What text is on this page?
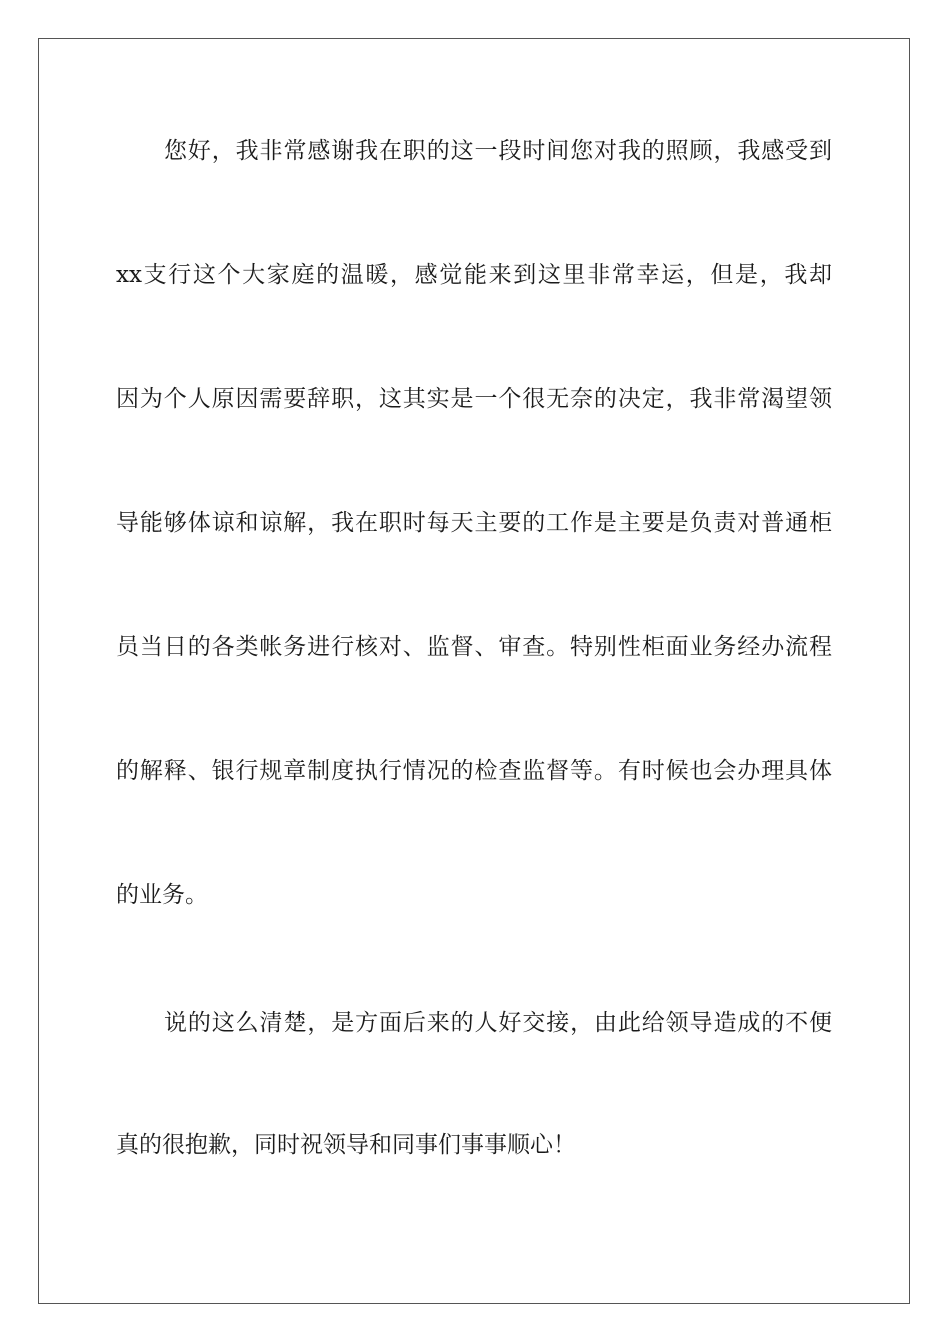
您好，我非常感谢我在职的这一段时间您对我的照顾，我感受到
xx支行这个大家庭的温暖，感觉能来到这里非常幸运，但是，我却
因为个人原因需要辞职，这其实是一个很无奈的决定，我非常渴望领
导能够体谅和谅解，我在职时每天主要的工作是主要是负责对普通柜
员当日的各类帐务进行核对、监督、审查。特别性柜面业务经办流程
的解释、银行规章制度执行情况的检查监督等。有时候也会办理具体
的业务。
说的这么清楚，是方面后来的人好交接，由此给领导造成的不便
真的很抱歉，同时祝领导和同事们事事顺心！
